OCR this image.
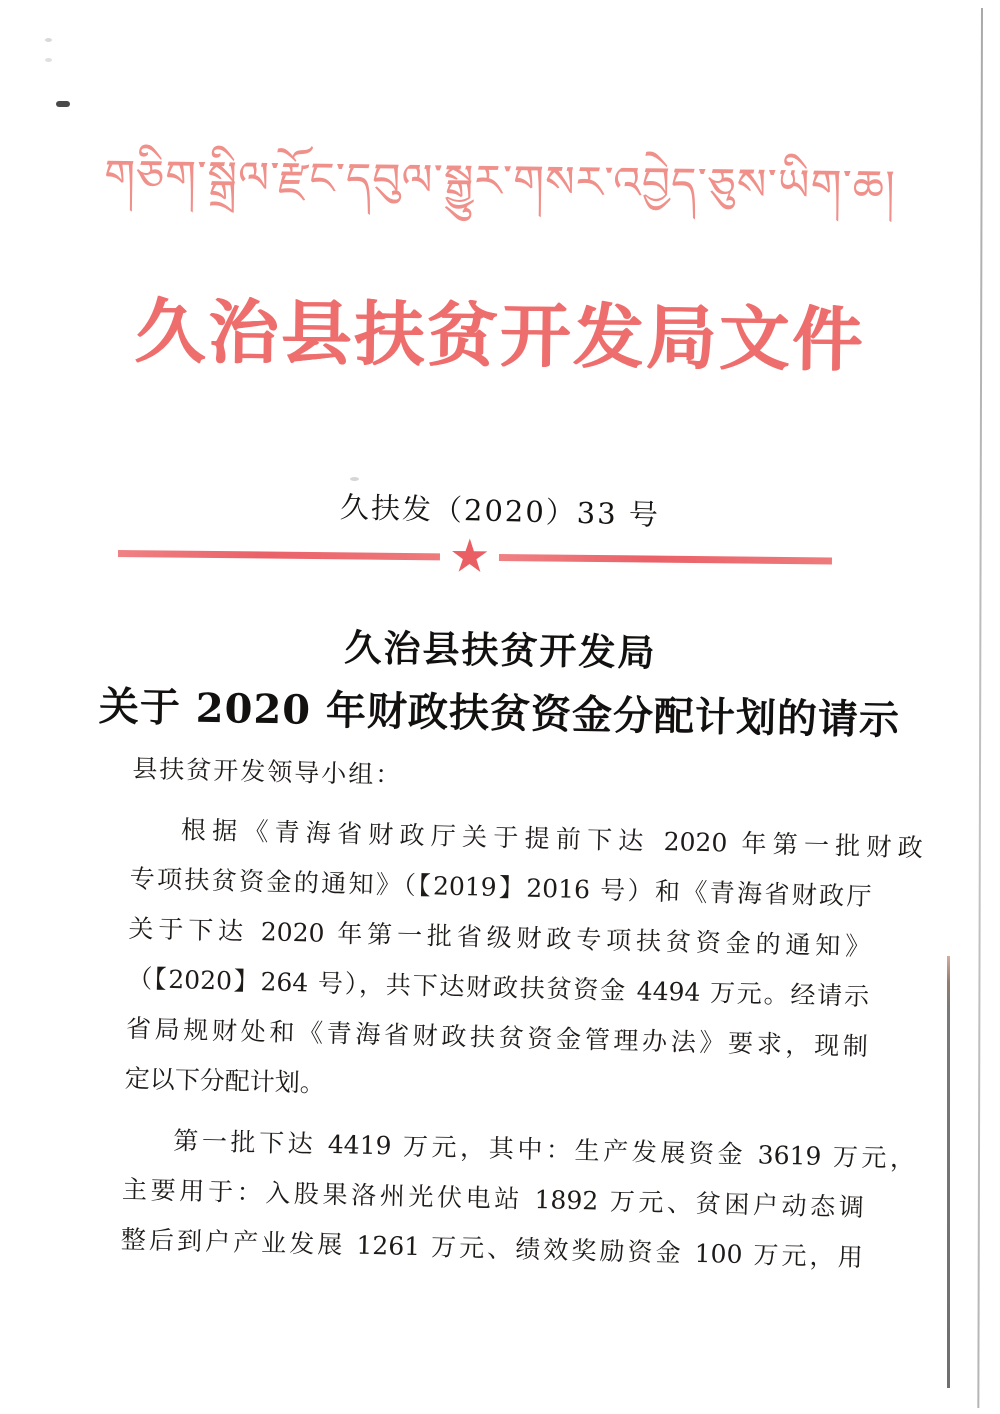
གཅིག་སྒྲིལ་རྫོང་དབུལ་སྒྱུར་གསར་འབྱེད་ཅུས་ཡིག་ཆ།
久治县扶贫开发局文件
久扶发（2020）33 号
★
久治县扶贫开发局
关于 2020 年财政扶贫资金分配计划的请示
县扶贫开发领导小组：
根据《青海省财政厅关于提前下达 2020 年第一批财政
专项扶贫资金的通知》（【2019】2016 号）和《青海省财政厅
关于下达 2020 年第一批省级财政专项扶贫资金的通知》
（【2020】264 号），共下达财政扶贫资金 4494 万元。经请示
省局规财处和《青海省财政扶贫资金管理办法》要求，现制
定以下分配计划。
第一批下达 4419 万元，其中：生产发展资金 3619 万元，
主要用于：入股果洛州光伏电站 1892 万元、贫困户动态调
整后到户产业发展 1261 万元、绩效奖励资金 100 万元，用
